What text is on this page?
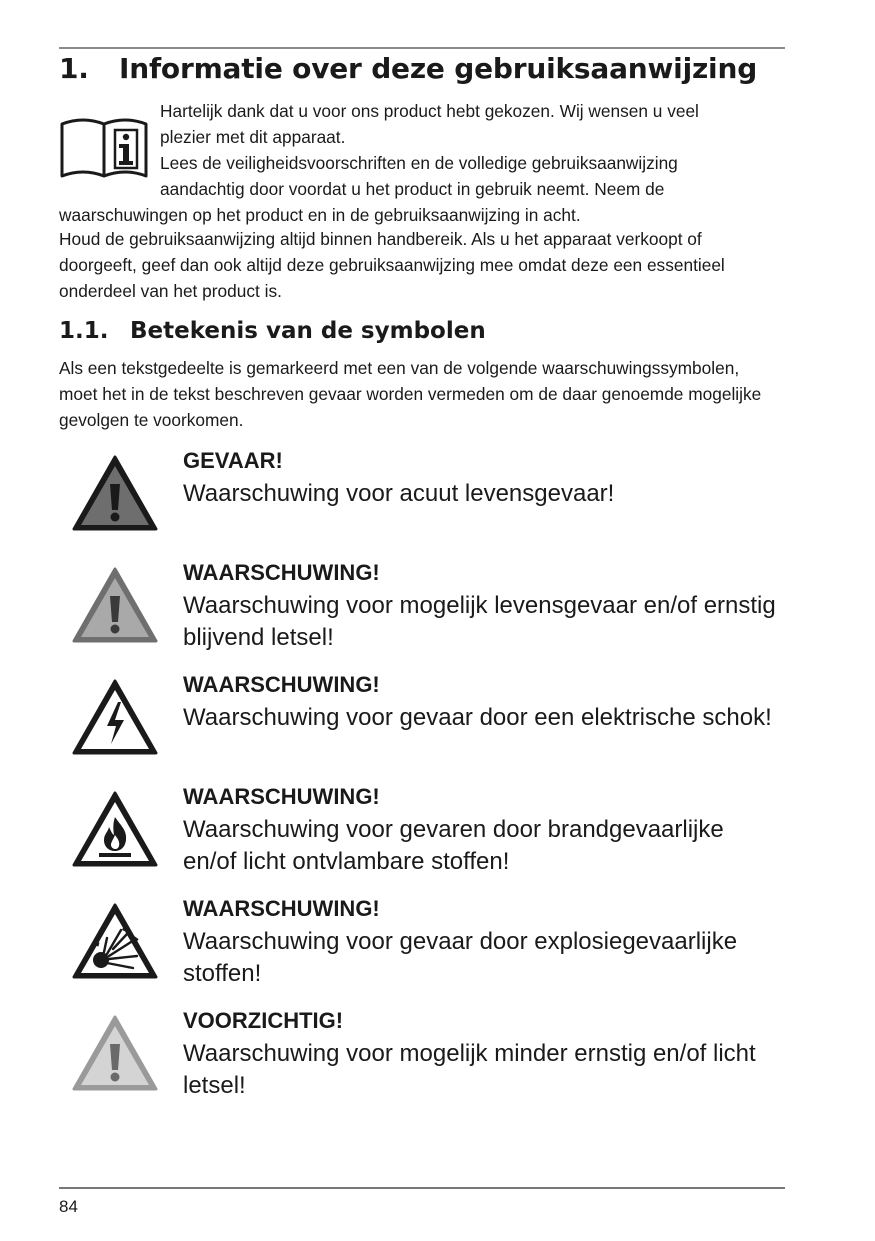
1. Informatie over deze gebruiksaanwijzing

Hartelijk dank dat u voor ons product hebt gekozen. Wij wensen u veel

plezier met dit apparaat.

Lees de veiligheidsvoorschriften en de volledige gebruiksaanwijzing

aandachtig door voordat u het product in gebruik neemt. Neem de

waarschuwingen op het product en in de gebruiksaanwijzing in acht.

Houd de gebruiksaanwijzing altijd binnen handbereik. Als u het apparaat verkoopt of doorgeeft, geef dan ook altijd deze gebruiksaanwijzing mee omdat deze een essentieel onderdeel van het product is.

1.1. Betekenis van de symbolen

Als een tekstgedeelte is gemarkeerd met een van de volgende waarschuwingssymbolen, moet het in de tekst beschreven gevaar worden vermeden om de daar genoemde mogelijke gevolgen te voorkomen.

GEVAAR!

Waarschuwing voor acuut levensgevaar!

WAARSCHUWING!

Waarschuwing voor mogelijk levensgevaar en/of ernstig blijvend letsel!

WAARSCHUWING!

Waarschuwing voor gevaar door een elektrische schok!

WAARSCHUWING!

Waarschuwing voor gevaren door brandgevaarlijke en/of licht ontvlambare stoffen!

WAARSCHUWING!

Waarschuwing voor gevaar door explosiegevaarlijke stoffen!

VOORZICHTIG!

Waarschuwing voor mogelijk minder ernstig en/of licht letsel!

84
